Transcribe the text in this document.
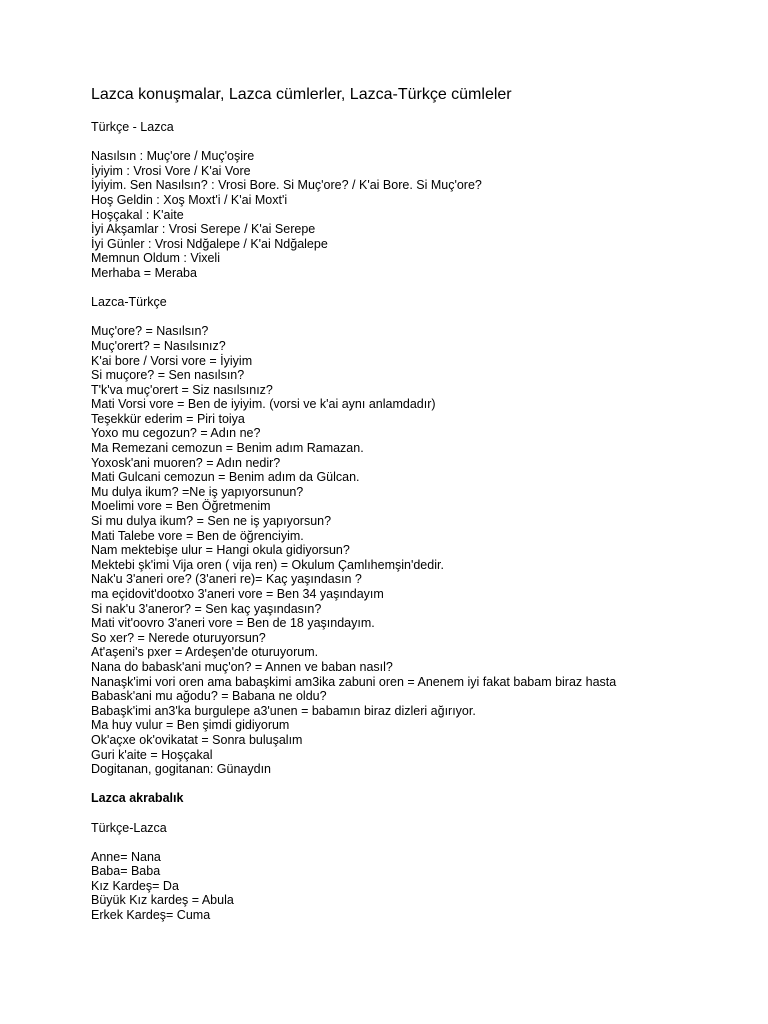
Lazca konuşmalar, Lazca cümlerler, Lazca-Türkçe cümleler

Türkçe - Lazca

Nasılsın : Muç'ore / Muç'oşire

İyiyim : Vrosi Vore / K'ai Vore

İyiyim. Sen Nasılsın? : Vrosi Bore. Si Muç'ore? / K'ai Bore. Si Muç'ore?

Hoş Geldin : Xoş Moxt'i / K'ai Moxt'i

Hoşçakal : K'aite

İyi Akşamlar : Vrosi Serepe / K'ai Serepe

İyi Günler : Vrosi Ndğalepe / K'ai Ndğalepe

Memnun Oldum : Vixeli

Merhaba = Meraba

Lazca-Türkçe

Muç'ore? = Nasılsın?

Muç'orert? = Nasılsınız?

K'ai bore / Vorsi vore = İyiyim

Si muçore? = Sen nasılsın?

T'k'va muç'orert = Siz nasılsınız?

Mati Vorsi vore = Ben de iyiyim. (vorsi ve k'ai aynı anlamdadır)

Teşekkür ederim = Piri toiya

Yoxo mu cegozun? = Adın ne?

Ma Remezani cemozun = Benim adım Ramazan.

Yoxosk'ani muoren? = Adın nedir?

Mati Gulcani cemozun = Benim adım da Gülcan.

Mu dulya ikum? =Ne iş yapıyorsunun?

Moelimi vore = Ben Öğretmenim

Si mu dulya ikum? = Sen ne iş yapıyorsun?

Mati Talebe vore = Ben de öğrenciyim.

Nam mektebişe ulur = Hangi okula gidiyorsun?

Mektebi şk'imi Vija oren ( vija ren) = Okulum Çamlıhemşin'dedir.

Nak'u 3'aneri ore? (3'aneri re)= Kaç yaşındasın ?

ma eçidovit'dootxo 3'aneri vore = Ben 34 yaşındayım

Si nak'u 3'aneror? = Sen kaç yaşındasın?

Mati vit'oovro 3'aneri vore = Ben de 18 yaşındayım.

So xer? = Nerede oturuyorsun?

At'aşeni's pxer = Ardeşen'de oturuyorum.

Nana do babask'ani muç'on? = Annen ve baban nasıl?

Nanaşk'imi vori oren ama babaşkimi am3ika zabuni oren = Anenem iyi fakat babam biraz hasta

Babask'ani mu ağodu? = Babana ne oldu?

Babaşk'imi an3'ka burgulepe a3'unen = babamın biraz dizleri ağırıyor.

Ma huy vulur = Ben şimdi gidiyorum

Ok'açxe ok'ovikatat = Sonra buluşalım

Guri k'aite = Hoşçakal

Dogitanan, gogitanan: Günaydın

Lazca akrabalık

Türkçe-Lazca

Anne= Nana

Baba= Baba

Kız Kardeş= Da

Büyük Kız kardeş = Abula

Erkek Kardeş= Cuma
